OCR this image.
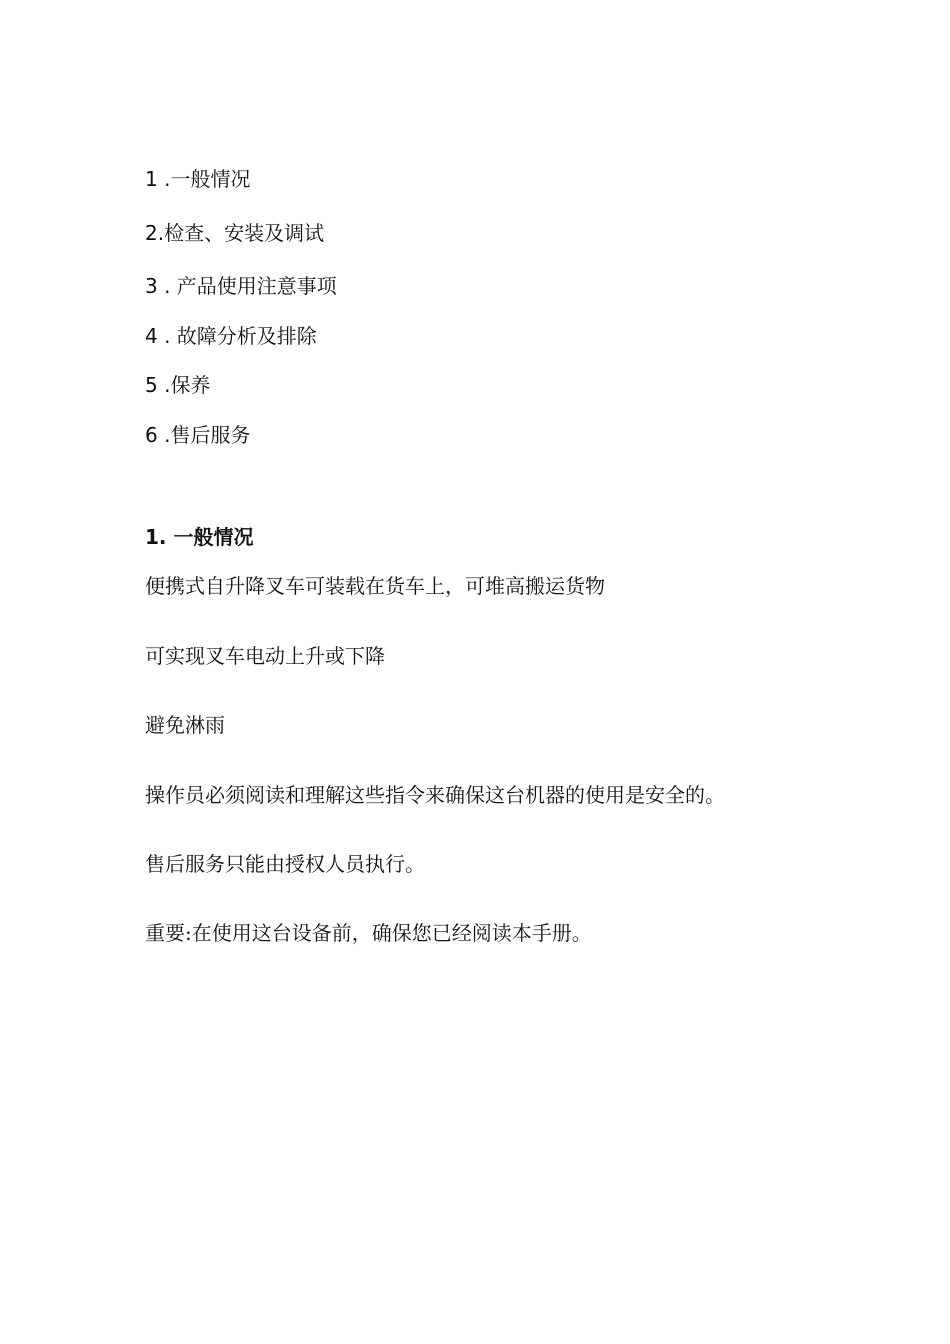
1 .一般情况
2.检查、安装及调试
3 . 产品使用注意事项
4 . 故障分析及排除
5 .保养
6 .售后服务
1. 一般情况
便携式自升降叉车可装载在货车上，可堆高搬运货物
可实现叉车电动上升或下降
避免淋雨
操作员必须阅读和理解这些指令来确保这台机器的使用是安全的。
售后服务只能由授权人员执行。
重要:在使用这台设备前，确保您已经阅读本手册。
